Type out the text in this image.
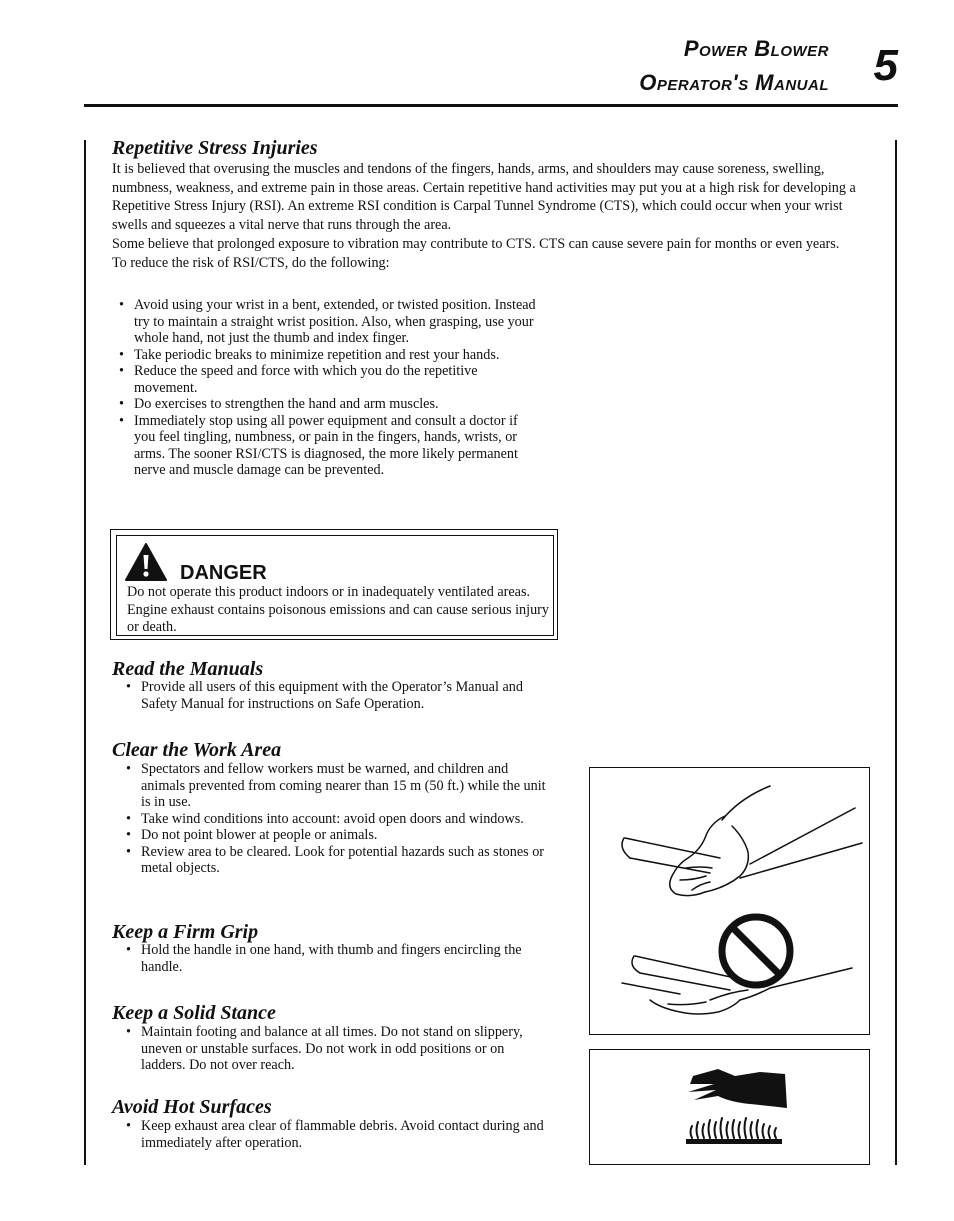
Power Blower
Operator's Manual 5
Repetitive Stress Injuries
It is believed that overusing the muscles and tendons of the fingers, hands, arms, and shoulders may cause soreness, swelling, numbness, weakness, and extreme pain in those areas. Certain repetitive hand activities may put you at a high risk for developing a Repetitive Stress Injury (RSI). An extreme RSI condition is Carpal Tunnel Syndrome (CTS), which could occur when your wrist swells and squeezes a vital nerve that runs through the area.
Some believe that prolonged exposure to vibration may contribute to CTS. CTS can cause severe pain for months or even years.
To reduce the risk of RSI/CTS, do the following:
• Avoid using your wrist in a bent, extended, or twisted position. Instead try to maintain a straight wrist position. Also, when grasping, use your whole hand, not just the thumb and index finger.
• Take periodic breaks to minimize repetition and rest your hands.
• Reduce the speed and force with which you do the repetitive movement.
• Do exercises to strengthen the hand and arm muscles.
• Immediately stop using all power equipment and consult a doctor if you feel tingling, numbness, or pain in the fingers, hands, wrists, or arms. The sooner RSI/CTS is diagnosed, the more likely permanent nerve and muscle damage can be prevented.
DANGER
Do not operate this product indoors or in inadequately ventilated areas. Engine exhaust contains poisonous emissions and can cause serious injury or death.
Read the Manuals
• Provide all users of this equipment with the Operator’s Manual and Safety Manual for instructions on Safe Operation.
Clear the Work Area
• Spectators and fellow workers must be warned, and children and animals prevented from coming nearer than 15 m (50 ft.) while the unit is in use.
• Take wind conditions into account: avoid open doors and windows.
• Do not point blower at people or animals.
• Review area to be cleared. Look for potential hazards such as stones or metal objects.
Keep a Firm Grip
• Hold the handle in one hand, with thumb and fingers encircling the handle.
Keep a Solid Stance
• Maintain footing and balance at all times. Do not stand on slippery, uneven or unstable surfaces. Do not work in odd positions or on ladders. Do not over reach.
Avoid Hot Surfaces
• Keep exhaust area clear of flammable debris. Avoid contact during and immediately after operation.
